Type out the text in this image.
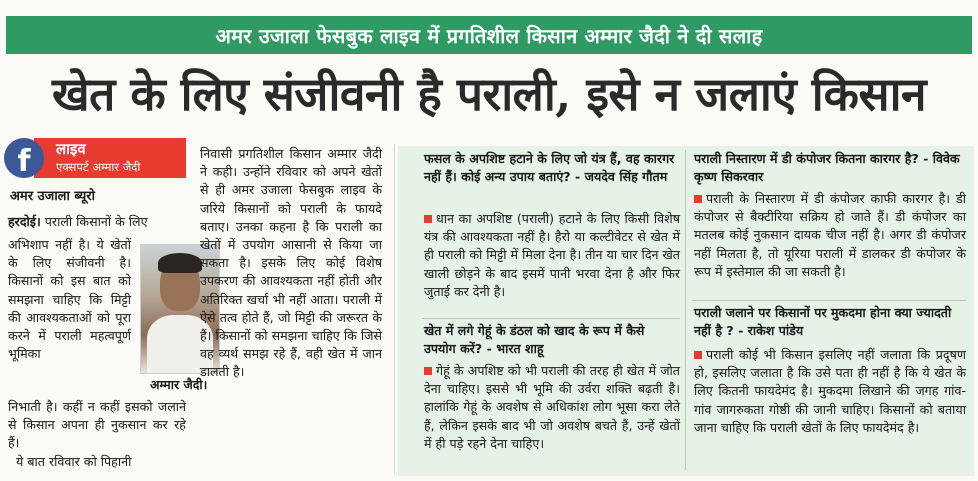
अमर उजाला फेसबुक लाइव में प्रगतिशील किसान अम्मार जैदी ने दी सलाह
खेत के लिए संजीवनी है पराली, इसे न जलाएं किसान
लाइव
एक्सपर्ट अम्मार जैदी
f
अमर उजाला ब्यूरो
हरदोई। पराली किसानों के लिए
अभिशाप नहीं है। ये खेतों के लिए संजीवनी है। किसानों को इस बात को समझना चाहिए कि मिट्टी की आवश्यकताओं को पूरा करने में पराली महत्वपूर्ण भूमिका
अम्मार जैदी।
निभाती है। कहीं न कहीं इसको जलाने से किसान अपना ही नुकसान कर रहे हैं।
ये बात रविवार को पिहानी
निवासी प्रगतिशील किसान अम्मार जैदी ने कही। उन्होंने रविवार को अपने खेतों से ही अमर उजाला फेसबुक लाइव के जरिये किसानों को पराली के फायदे बताए। उनका कहना है कि पराली का खेतों में उपयोग आसानी से किया जा सकता है। इसके लिए कोई विशेष उपकरण की आवश्यकता नहीं होती और अतिरिक्त खर्चा भी नहीं आता। पराली में ऐसे तत्व होते हैं, जो मिट्टी की जरूरत के हैं। किसानों को समझना चाहिए कि जिसे वह व्यर्थ समझ रहे हैं, वही खेत में जान डालती है।
फसल के अपशिष्ट हटाने के लिए जो यंत्र हैं, वह कारगर नहीं हैं। कोई अन्य उपाय बताएं? - जयदेव सिंह गौतम
धान का अपशिष्ट (पराली) हटाने के लिए किसी विशेष यंत्र की आवश्यकता नहीं है। हैरो या कल्टीवेटर से खेत में ही पराली को मिट्टी में मिला देना है। तीन या चार दिन खेत खाली छोड़ने के बाद इसमें पानी भरवा देना है और फिर जुताई कर देनी है।
खेत में लगे गेहूं के डंठल को खाद के रूप में कैसे उपयोग करें? - भारत शाहू
गेहूं के अपशिष्ट को भी पराली की तरह ही खेत में जोत देना चाहिए। इससे भी भूमि की उर्वरा शक्ति बढ़ती है। हालांकि गेहूं के अवशेष से अधिकांश लोग भूसा करा लेते हैं, लेकिन इसके बाद भी जो अवशेष बचते हैं, उन्हें खेतों में ही पड़े रहने देना चाहिए।
पराली निस्तारण में डी कंपोजर कितना कारगर है? - विवेक कृष्ण सिकरवार
पराली के निस्तारण में डी कंपोजर काफी कारगर है। डी कंपोजर से बैक्टीरिया सक्रिय हो जाते हैं। डी कंपोजर का मतलब कोई नुकसान दायक चीज नहीं है। अगर डी कंपोजर नहीं मिलता है, तो यूरिया पराली में डालकर डी कंपोजर के रूप में इस्तेमाल की जा सकती है।
पराली जलाने पर किसानों पर मुकदमा होना क्या ज्यादती नहीं है ? - राकेश पांडेय
पराली कोई भी किसान इसलिए नहीं जलाता कि प्रदूषण हो, इसलिए जलाता है कि उसे पता ही नहीं है कि ये खेत के लिए कितनी फायदेमंद है। मुकदमा लिखाने की जगह गांव-गांव जागरुकता गोष्ठी की जानी चाहिए। किसानों को बताया जाना चाहिए कि पराली खेतों के लिए फायदेमंद है।
